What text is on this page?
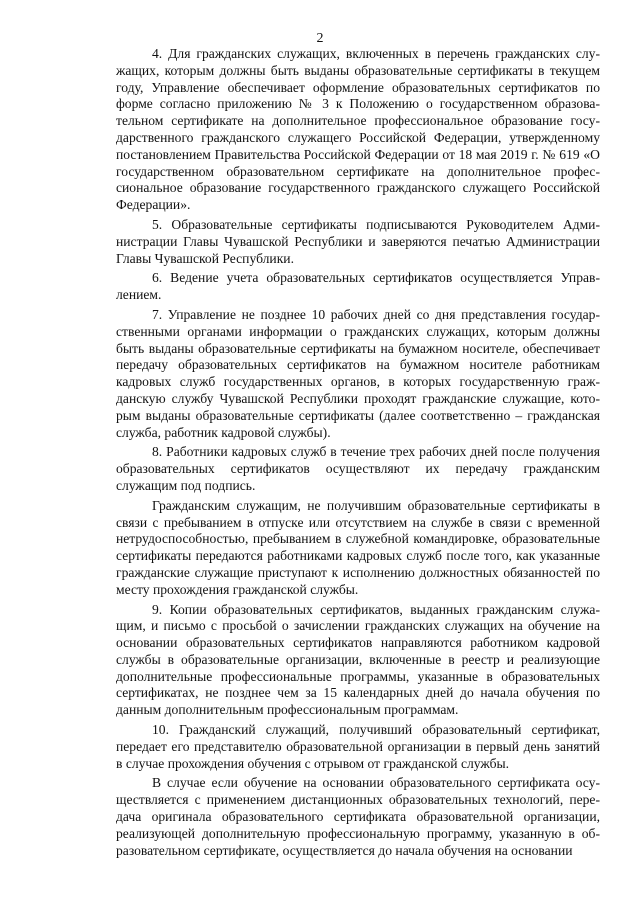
2

4. Для гражданских служащих, включенных в перечень гражданских служащих, которым должны быть выданы образовательные сертификаты в текущем году, Управление обеспечивает оформление образовательных сертификатов по форме согласно приложению № 3 к Положению о государственном образовательном сертификате на дополнительное профессиональное образование государственного гражданского служащего Российской Федерации, утвержденному постановлением Правительства Российской Федерации от 18 мая 2019 г. № 619 «О государственном образовательном сертификате на дополнительное профессиональное образование государственного гражданского служащего Российской Федерации».

5. Образовательные сертификаты подписываются Руководителем Администрации Главы Чувашской Республики и заверяются печатью Администрации Главы Чувашской Республики.

6. Ведение учета образовательных сертификатов осуществляется Управлением.

7. Управление не позднее 10 рабочих дней со дня представления государственными органами информации о гражданских служащих, которым должны быть выданы образовательные сертификаты на бумажном носителе, обеспечивает передачу образовательных сертификатов на бумажном носителе работникам кадровых служб государственных органов, в которых государственную гражданскую службу Чувашской Республики проходят гражданские служащие, которым выданы образовательные сертификаты (далее соответственно – гражданская служба, работник кадровой службы).

8. Работники кадровых служб в течение трех рабочих дней после получения образовательных сертификатов осуществляют их передачу гражданским служащим под подпись.

Гражданским служащим, не получившим образовательные сертификаты в связи с пребыванием в отпуске или отсутствием на службе в связи с временной нетрудоспособностью, пребыванием в служебной командировке, образовательные сертификаты передаются работниками кадровых служб после того, как указанные гражданские служащие приступают к исполнению должностных обязанностей по месту прохождения гражданской службы.

9. Копии образовательных сертификатов, выданных гражданским служащим, и письмо с просьбой о зачислении гражданских служащих на обучение на основании образовательных сертификатов направляются работником кадровой службы в образовательные организации, включенные в реестр и реализующие дополнительные профессиональные программы, указанные в образовательных сертификатах, не позднее чем за 15 календарных дней до начала обучения по данным дополнительным профессиональным программам.

10. Гражданский служащий, получивший образовательный сертификат, передает его представителю образовательной организации в первый день занятий в случае прохождения обучения с отрывом от гражданской службы.

В случае если обучение на основании образовательного сертификата осуществляется с применением дистанционных образовательных технологий, передача оригинала образовательного сертификата образовательной организации, реализующей дополнительную профессиональную программу, указанную в образовательном сертификате, осуществляется до начала обучения на основании
